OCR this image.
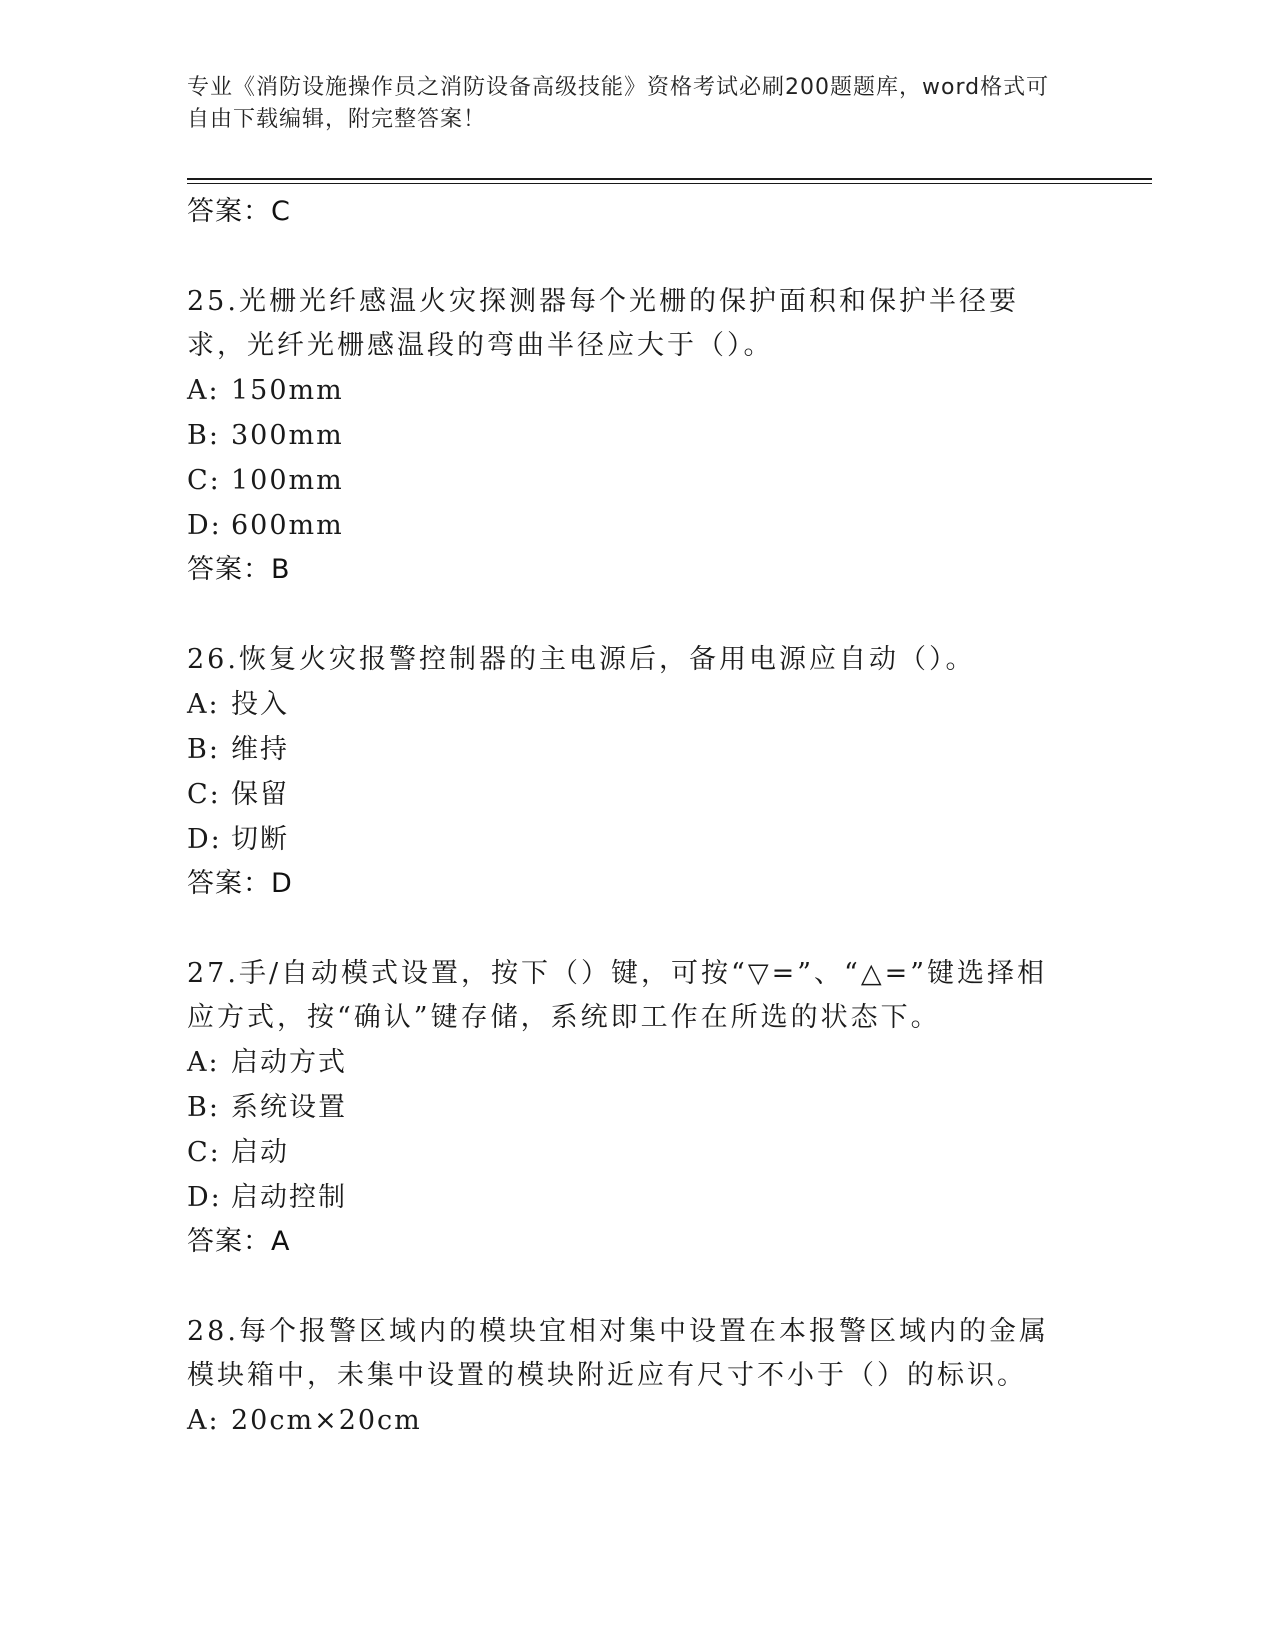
专业《消防设施操作员之消防设备高级技能》资格考试必刷200题题库，word格式可自由下载编辑，附完整答案！
答案：C
25.光栅光纤感温火灾探测器每个光栅的保护面积和保护半径要求，光纤光栅感温段的弯曲半径应大于（）。
A: 150mm
B: 300mm
C: 100mm
D: 600mm
答案：B
26.恢复火灾报警控制器的主电源后，备用电源应自动（）。
A: 投入
B: 维持
C: 保留
D: 切断
答案：D
27.手/自动模式设置，按下（）键，可按“▽=”、“△=”键选择相应方式，按“确认”键存储，系统即工作在所选的状态下。
A: 启动方式
B: 系统设置
C: 启动
D: 启动控制
答案：A
28.每个报警区域内的模块宜相对集中设置在本报警区域内的金属模块箱中，未集中设置的模块附近应有尺寸不小于（）的标识。
A: 20cm×20cm
